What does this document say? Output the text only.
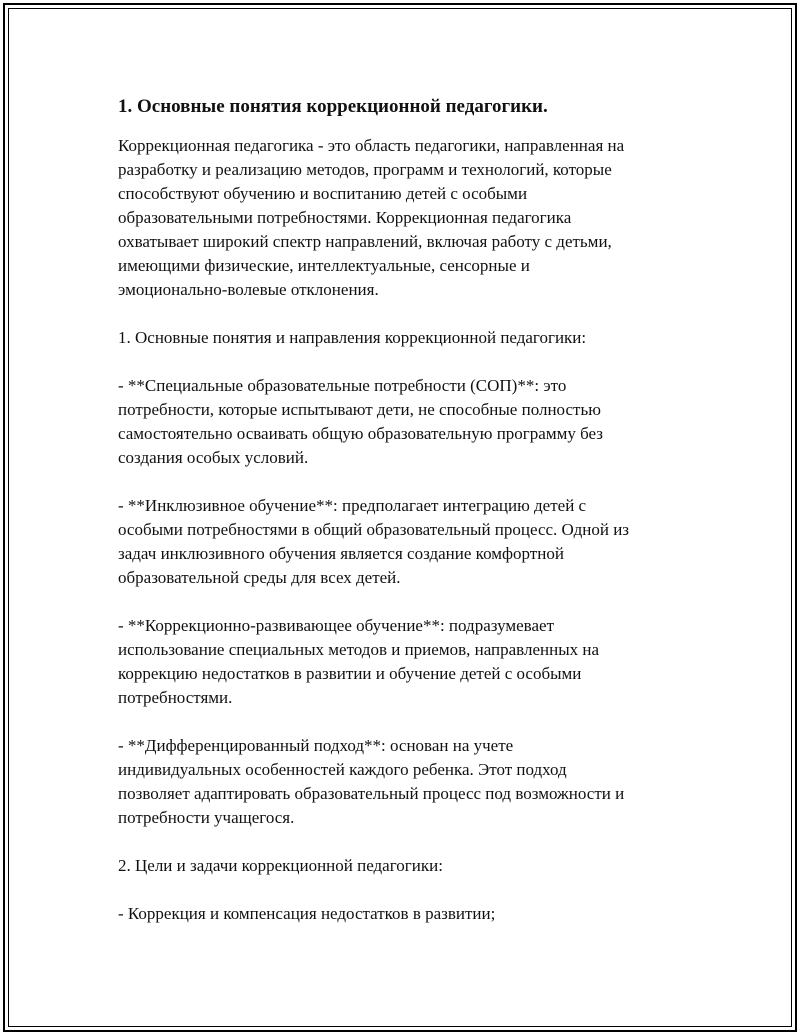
1. Основные понятия коррекционной педагогики.

Коррекционная педагогика - это область педагогики, направленная на
разработку и реализацию методов, программ и технологий, которые
способствуют обучению и воспитанию детей с особыми
образовательными потребностями. Коррекционная педагогика
охватывает широкий спектр направлений, включая работу с детьми,
имеющими физические, интеллектуальные, сенсорные и
эмоционально-волевые отклонения.

1. Основные понятия и направления коррекционной педагогики:

- **Специальные образовательные потребности (СОП)**: это
потребности, которые испытывают дети, не способные полностью
самостоятельно осваивать общую образовательную программу без
создания особых условий.

- **Инклюзивное обучение**: предполагает интеграцию детей с
особыми потребностями в общий образовательный процесс. Одной из
задач инклюзивного обучения является создание комфортной
образовательной среды для всех детей.

- **Коррекционно-развивающее обучение**: подразумевает
использование специальных методов и приемов, направленных на
коррекцию недостатков в развитии и обучение детей с особыми
потребностями.

- **Дифференцированный подход**: основан на учете
индивидуальных особенностей каждого ребенка. Этот подход
позволяет адаптировать образовательный процесс под возможности и
потребности учащегося.

2. Цели и задачи коррекционной педагогики:

- Коррекция и компенсация недостатков в развитии;
